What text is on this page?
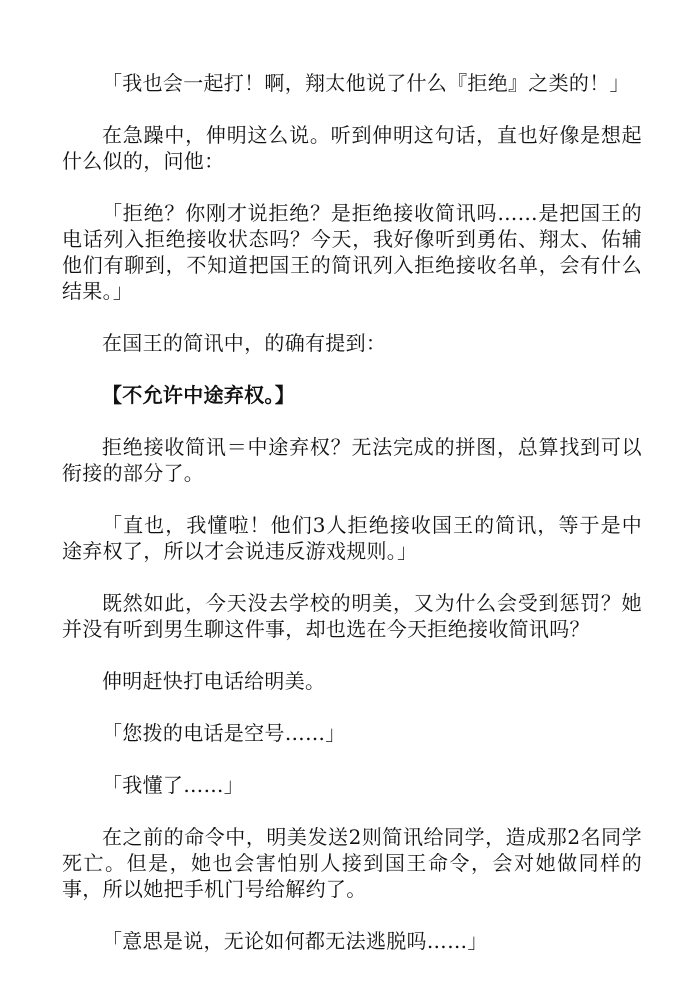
「我也会一起打！啊，翔太他说了什么『拒绝』之类的！」

在急躁中，伸明这么说。听到伸明这句话，直也好像是想起什么似的，问他：

「拒绝？你刚才说拒绝？是拒绝接收简讯吗……是把国王的电话列入拒绝接收状态吗？今天，我好像听到勇佑、翔太、佑辅他们有聊到，不知道把国王的简讯列入拒绝接收名单，会有什么结果。」

在国王的简讯中，的确有提到：

【不允许中途弃权。】

拒绝接收简讯＝中途弃权？无法完成的拼图，总算找到可以衔接的部分了。

「直也，我懂啦！他们3人拒绝接收国王的简讯，等于是中途弃权了，所以才会说违反游戏规则。」

既然如此，今天没去学校的明美，又为什么会受到惩罚？她并没有听到男生聊这件事，却也选在今天拒绝接收简讯吗？

伸明赶快打电话给明美。

「您拨的电话是空号……」

「我懂了……」

在之前的命令中，明美发送2则简讯给同学，造成那2名同学死亡。但是，她也会害怕别人接到国王命令，会对她做同样的事，所以她把手机门号给解约了。

「意思是说，无论如何都无法逃脱吗……」
